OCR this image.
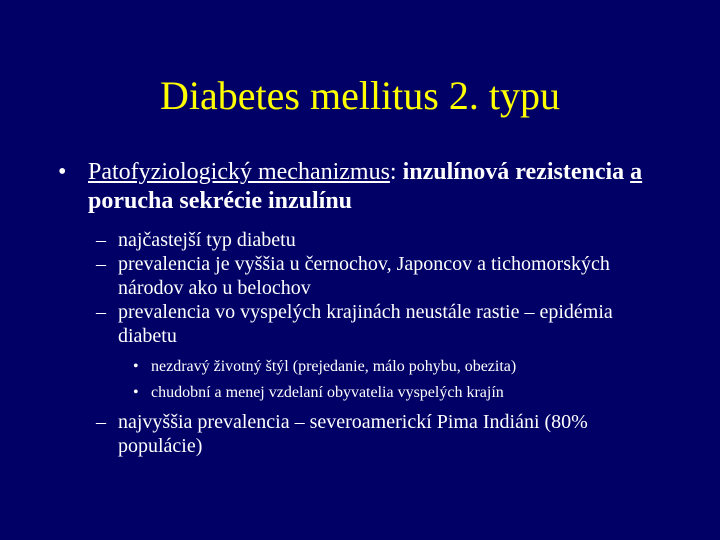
Diabetes mellitus 2. typu
• Patofyziologický mechanizmus: inzulínová rezistencia a porucha sekrécie inzulínu
– najčastejší typ diabetu
– prevalencia je vyššia u černochov, Japoncov a tichomorských národov ako u belochov
– prevalencia vo vyspelých krajinách neustále rastie – epidémia diabetu
• nezdravý životný štýl (prejedanie, málo pohybu, obezita)
• chudobní a menej vzdelaní obyvatelia vyspelých krajín
– najvyššia prevalencia – severoamerickí Pima Indiáni (80% populácie)
